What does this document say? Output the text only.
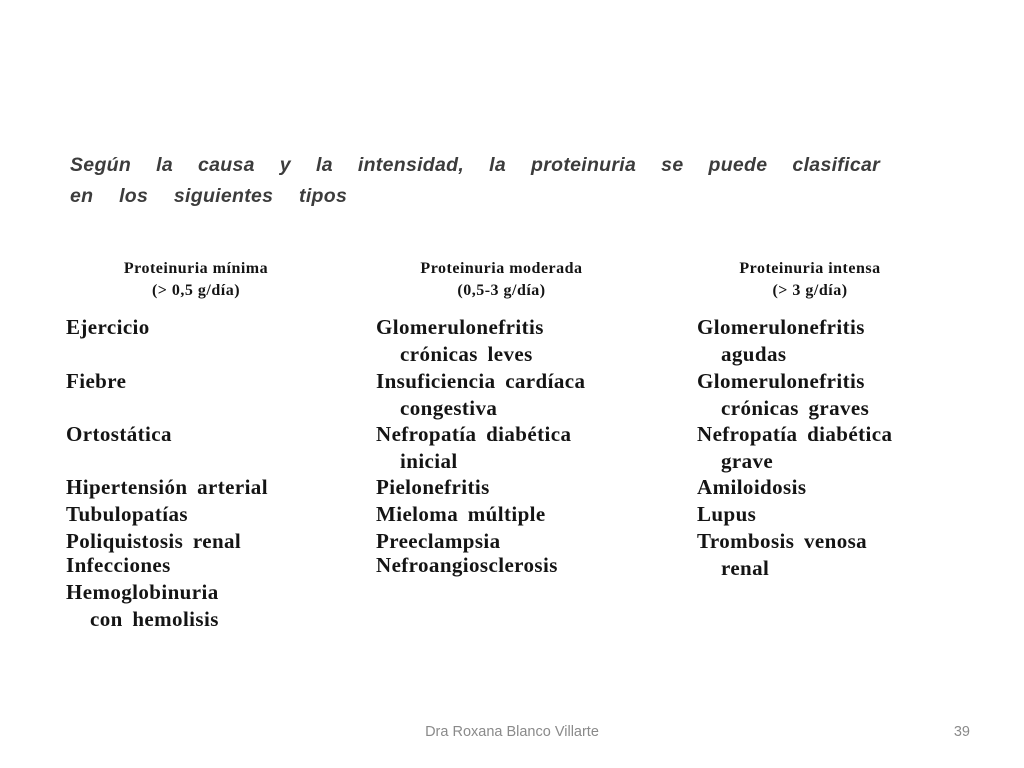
Según la causa y la intensidad, la proteinuria se puede clasificar
en los siguientes tipos

Proteinuria mínima
(> 0,5 g/día)
Ejercicio
Fiebre
Ortostática
Hipertensión arterial
Tubulopatías
Poliquistosis renal
Infecciones
Hemoglobinuria
con hemolisis
Proteinuria moderada
(0,5-3 g/día)
Glomerulonefritis
crónicas leves
Insuficiencia cardíaca
congestiva
Nefropatía diabética
inicial
Pielonefritis
Mieloma múltiple
Preeclampsia
Nefroangiosclerosis
Proteinuria intensa
(> 3 g/día)
Glomerulonefritis
agudas
Glomerulonefritis
crónicas graves
Nefropatía diabética
grave
Amiloidosis
Lupus
Trombosis venosa
renal
Dra Roxana Blanco Villarte	39
